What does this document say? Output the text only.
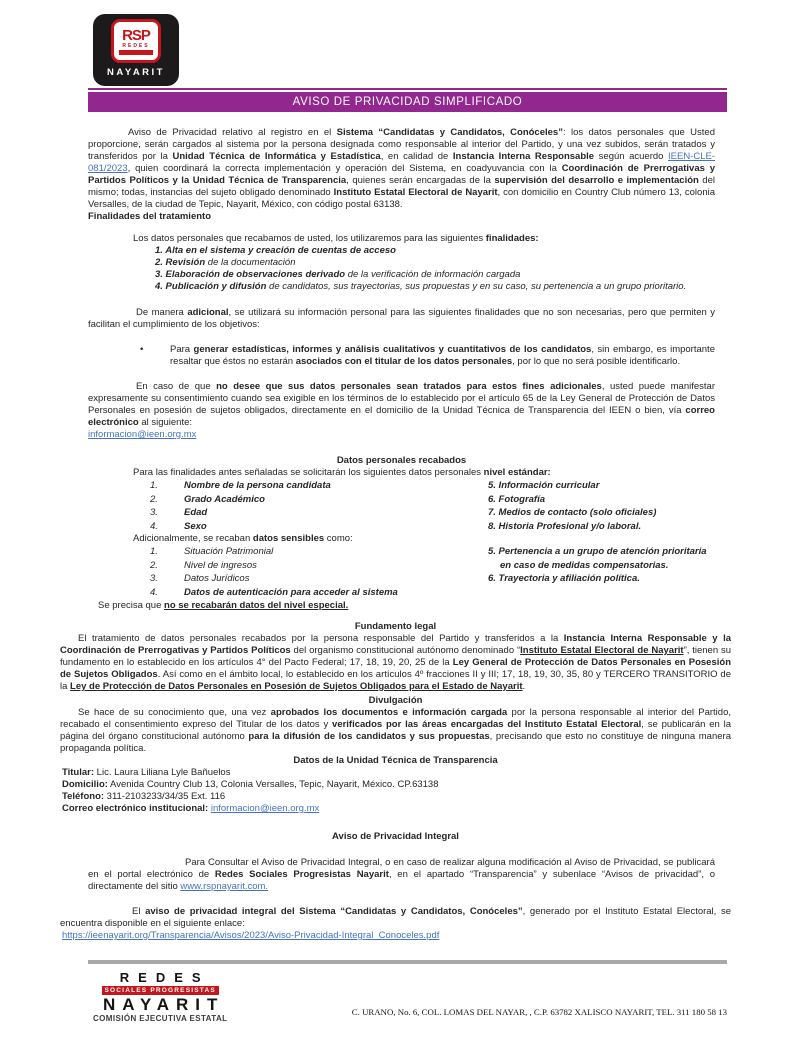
RSP
REDES
NAYARIT
AVISO DE PRIVACIDAD SIMPLIFICADO

Aviso de Privacidad relativo al registro en el Sistema “Candidatas y Candidatos, Conóceles”: los datos personales que Usted proporcione, serán cargados al sistema por la persona designada como responsable al interior del Partido, y una vez subidos, serán tratados y transferidos por la Unidad Técnica de Informática y Estadística, en calidad de Instancia Interna Responsable según acuerdo IEEN-CLE-081/2023, quien coordinará la correcta implementación y operación del Sistema, en coadyuvancia con la Coordinación de Prerrogativas y Partidos Políticos y la Unidad Técnica de Transparencia, quienes serán encargadas de la supervisión del desarrollo e implementación del mismo; todas, instancias del sujeto obligado denominado Instituto Estatal Electoral de Nayarit, con domicilio en Country Club número 13, colonia Versalles, de la ciudad de Tepic, Nayarit, México, con código postal 63138.

Finalidades del tratamiento
Los datos personales que recabamos de usted, los utilizaremos para las siguientes finalidades:
1. Alta en el sistema y creación de cuentas de acceso
2. Revisión de la documentación
3. Elaboración de observaciones derivado de la verificación de información cargada
4. Publicación y difusión de candidatos, sus trayectorias, sus propuestas y en su caso, su pertenencia a un grupo prioritario.
De manera adicional, se utilizará su información personal para las siguientes finalidades que no son necesarias, pero que permiten y facilitan el cumplimiento de los objetivos:
•	Para generar estadísticas, informes y análisis cualitativos y cuantitativos de los candidatos, sin embargo, es importante resaltar que éstos no estarán asociados con el titular de los datos personales, por lo que no será posible identificarlo.
En caso de que no desee que sus datos personales sean tratados para estos fines adicionales, usted puede manifestar expresamente su consentimiento cuando sea exigible en los términos de lo establecido por el artículo 65 de la Ley General de Protección de Datos Personales en posesión de sujetos obligados, directamente en el domicilio de la Unidad Técnica de Transparencia del IEEN o bien, vía correo electrónico al siguiente:
informacion@ieen.org.mx
Datos personales recabados
Para las finalidades antes señaladas se solicitarán los siguientes datos personales nivel estándar:
1.	Nombre de la persona candidata
2.	Grado Académico
3.	Edad
4.	Sexo
5. Información curricular
6. Fotografía
7. Medios de contacto (solo oficiales)
8. Historia Profesional y/o laboral.
Adicionalmente, se recaban datos sensibles como:
1.	Situación Patrimonial
2.	Nivel de ingresos
3.	Datos Jurídicos
4.	Datos de autenticación para acceder al sistema
5. Pertenencia a un grupo de atención prioritaria en caso de medidas compensatorias.
6. Trayectoria y afiliación política.
Se precisa que no se recabarán datos del nivel especial.
Fundamento legal
El tratamiento de datos personales recabados por la persona responsable del Partido y transferidos a la Instancia Interna Responsable y la Coordinación de Prerrogativas y Partidos Políticos del organismo constitucional autónomo denominado “Instituto Estatal Electoral de Nayarit”, tienen su fundamento en lo establecido en los artículos 4° del Pacto Federal; 17, 18, 19, 20, 25 de la Ley General de Protección de Datos Personales en Posesión de Sujetos Obligados. Así como en el ámbito local, lo establecido en los artículos 4º fracciones II y III; 17, 18, 19, 30, 35, 80 y TERCERO TRANSITORIO de la Ley de Protección de Datos Personales en Posesión de Sujetos Obligados para el Estado de Nayarit.
Divulgación
Se hace de su conocimiento que, una vez aprobados los documentos e información cargada por la persona responsable al interior del Partido, recabado el consentimiento expreso del Titular de los datos y verificados por las áreas encargadas del Instituto Estatal Electoral, se publicarán en la página del órgano constitucional autónomo para la difusión de los candidatos y sus propuestas, precisando que esto no constituye de ninguna manera propaganda política.
Datos de la Unidad Técnica de Transparencia
Titular: Lic. Laura Liliana Lyle Bañuelos
Domicilio: Avenida Country Club 13, Colonia Versalles, Tepic, Nayarit, México. CP.63138
Teléfono: 311-2103233/34/35 Ext. 116
Correo electrónico institucional: informacion@ieen.org.mx
Aviso de Privacidad Integral
Para Consultar el Aviso de Privacidad Integral, o en caso de realizar alguna modificación al Aviso de Privacidad, se publicará en el portal electrónico de Redes Sociales Progresistas Nayarit, en el apartado “Transparencia” y subenlace “Avisos de privacidad”, o directamente del sitio www.rspnayarit.com.
El aviso de privacidad integral del Sistema “Candidatas y Candidatos, Conóceles”, generado por el Instituto Estatal Electoral, se encuentra disponible en el siguiente enlace:
https://ieenayarit.org/Transparencia/Avisos/2023/Aviso-Privacidad-Integral_Conoceles.pdf
REDES
SOCIALES PROGRESISTAS
NAYARIT
COMISIÓN EJECUTIVA ESTATAL
C. URANO, No. 6, COL. LOMAS DEL NAYAR, , C.P. 63782 XALISCO NAYARIT, TEL. 311 180 58 13
